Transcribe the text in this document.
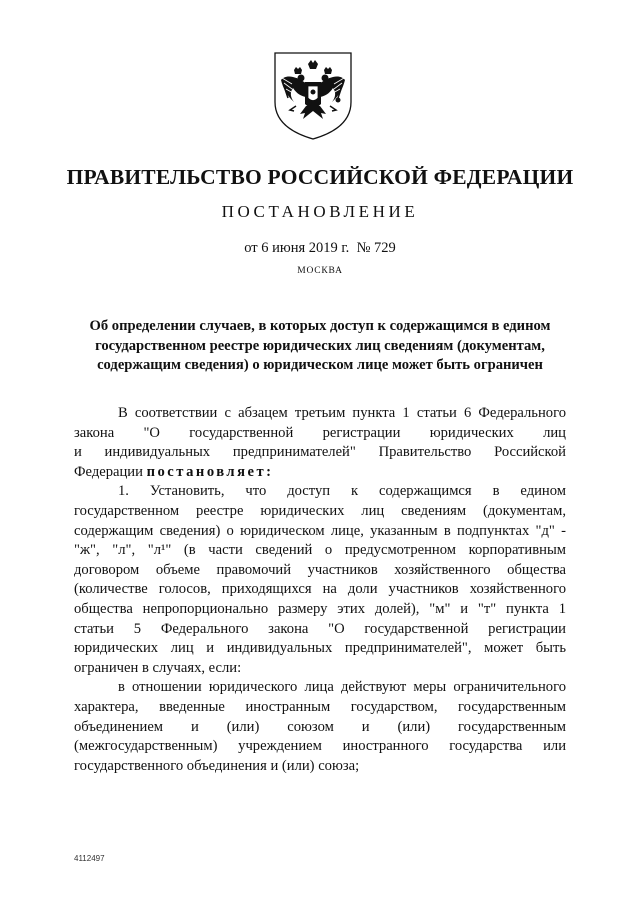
ПРАВИТЕЛЬСТВО РОССИЙСКОЙ ФЕДЕРАЦИИ
ПОСТАНОВЛЕНИЕ
от 6 июня 2019 г. № 729
МОСКВА
Об определении случаев, в которых доступ к содержащимся в едином
государственном реестре юридических лиц сведениям (документам,
содержащим сведения) о юридическом лице может быть ограничен
В соответствии с абзацем третьим пункта 1 статьи 6 Федерального
закона "О государственной регистрации юридических лиц
и индивидуальных предпринимателей" Правительство Российской
Федерации постановляет:
1. Установить, что доступ к содержащимся в едином
государственном реестре юридических лиц сведениям (документам,
содержащим сведения) о юридическом лице, указанным в подпунктах "д" -
"ж", "л", "л¹" (в части сведений о предусмотренном корпоративным
договором объеме правомочий участников хозяйственного общества
(количестве голосов, приходящихся на доли участников хозяйственного
общества непропорционально размеру этих долей), "м" и "т" пункта 1
статьи 5 Федерального закона "О государственной регистрации
юридических лиц и индивидуальных предпринимателей", может быть
ограничен в случаях, если:
в отношении юридического лица действуют меры ограничительного
характера, введенные иностранным государством, государственным
объединением и (или) союзом и (или) государственным
(межгосударственным) учреждением иностранного государства или
государственного объединения и (или) союза;
4112497
